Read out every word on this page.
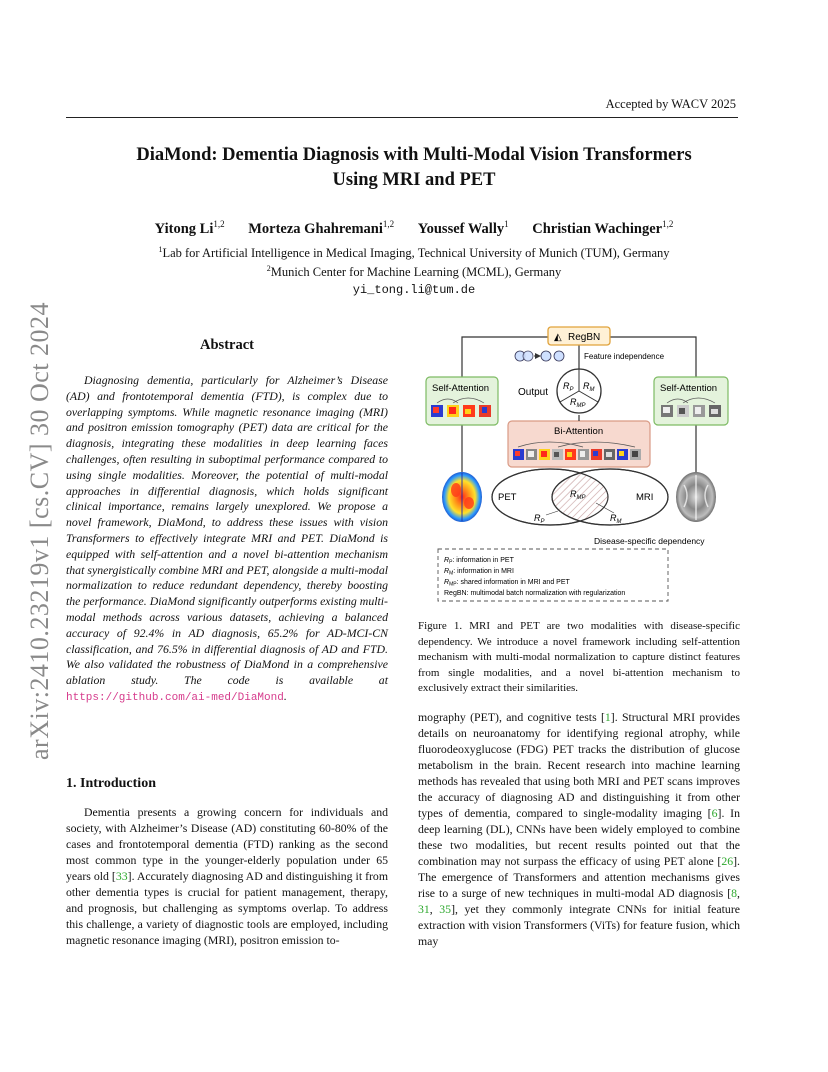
Accepted by WACV 2025
DiaMond: Dementia Diagnosis with Multi-Modal Vision Transformers
Using MRI and PET
Yitong Li$^{1,2}$ Morteza Ghahremani$^{1,2}$ Youssef Wally$^1$ Christian Wachinger$^{1,2}$
$^1$Lab for Artificial Intelligence in Medical Imaging, Technical University of Munich (TUM), Germany
$^2$Munich Center for Machine Learning (MCML), Germany
yi_tong.li@tum.de
arXiv:2410.23219v1 [cs.CV] 30 Oct 2024	Abstract
Diagnosing dementia, particularly for Alzheimer’s Disease (AD) and frontotemporal dementia (FTD), is complex due to overlapping symptoms. While magnetic resonance imaging (MRI) and positron emission tomography (PET) data are critical for the diagnosis, integrating these modalities in deep learning faces challenges, often resulting in suboptimal performance compared to using single modalities. Moreover, the potential of multi-modal approaches in differential diagnosis, which holds significant clinical importance, remains largely unexplored. We propose a novel framework, DiaMond, to address these issues with vision Transformers to effectively integrate MRI and PET. DiaMond is equipped with self-attention and a novel bi-attention mechanism that synergistically combine MRI and PET, alongside a multi-modal normalization to reduce redundant dependency, thereby boosting the performance. DiaMond significantly outperforms existing multi-modal methods across various datasets, achieving a balanced accuracy of 92.4% in AD diagnosis, 65.2% for AD-MCI-CN classification, and 76.5% in differential diagnosis of AD and FTD. We also validated the robustness of DiaMond in a comprehensive ablation study. The code is available at https://github.com/ai-med/DiaMond.
1. Introduction
Dementia presents a growing concern for individuals and society, with Alzheimer’s Disease (AD) constituting 60-80% of the cases and frontotemporal dementia (FTD) ranking as the second most common type in the younger-elderly population under 65 years old [33]. Accurately diagnosing AD and distinguishing it from other dementia types is crucial for patient management, therapy, and prognosis, but challenging as symptoms overlap. To address this challenge, a variety of diagnostic tools are employed, including magnetic resonance imaging (MRI), positron emission to-
◭ RegBN
Feature independence
Self-Attention	Self-Attention
Output
$R_P$ $R_M$
$R_{MP}$
Bi-Attention
PET	MRI
$R_{MP}$
$R_P$	$R_M$
Disease-specific dependency
$R_P$: information in PET
$R_M$: information in MRI
$R_{MP}$: shared information in MRI and PET
RegBN: multimodal batch normalization with regularization
Figure 1. MRI and PET are two modalities with disease-specific dependency. We introduce a novel framework including self-attention mechanism with multi-modal normalization to capture distinct features from single modalities, and a novel bi-attention mechanism to exclusively extract their similarities.
mography (PET), and cognitive tests [1]. Structural MRI provides details on neuroanatomy for identifying regional atrophy, while fluorodeoxyglucose (FDG) PET tracks the distribution of glucose metabolism in the brain. Recent research into machine learning methods has revealed that using both MRI and PET scans improves the accuracy of diagnosing AD and distinguishing it from other types of dementia, compared to single-modality imaging [6]. In deep learning (DL), CNNs have been widely employed to combine these two modalities, but recent results pointed out that the combination may not surpass the efficacy of using PET alone [26]. The emergence of Transformers and attention mechanisms gives rise to a surge of new techniques in multi-modal AD diagnosis [8, 31, 35], yet they commonly integrate CNNs for initial feature extraction with vision Transformers (ViTs) for feature fusion, which may
